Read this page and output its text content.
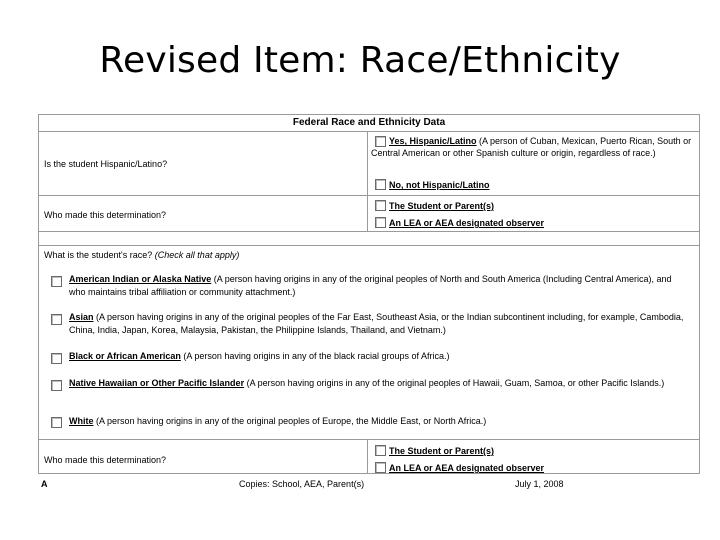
Revised Item: Race/Ethnicity
Federal Race and Ethnicity Data
Is the student Hispanic/Latino?
Yes, Hispanic/Latino (A person of Cuban, Mexican, Puerto Rican, South or Central American or other Spanish culture or origin, regardless of race.)
No, not Hispanic/Latino
Who made this determination?
The Student or Parent(s)
An LEA or AEA designated observer
What is the student's race? (Check all that apply)
American Indian or Alaska Native (A person having origins in any of the original peoples of North and South America (Including Central America), and who maintains tribal affiliation or community attachment.)
Asian (A person having origins in any of the original peoples of the Far East, Southeast Asia, or the Indian subcontinent including, for example, Cambodia, China, India, Japan, Korea, Malaysia, Pakistan, the Philippine Islands, Thailand, and Vietnam.)
Black or African American (A person having origins in any of the black racial groups of Africa.)
Native Hawaiian or Other Pacific Islander (A person having origins in any of the original peoples of Hawaii, Guam, Samoa, or other Pacific Islands.)
White (A person having origins in any of the original peoples of Europe, the Middle East, or North Africa.)
Who made this determination?
The Student or Parent(s)
An LEA or AEA designated observer
A	Copies: School, AEA, Parent(s)	July 1, 2008
